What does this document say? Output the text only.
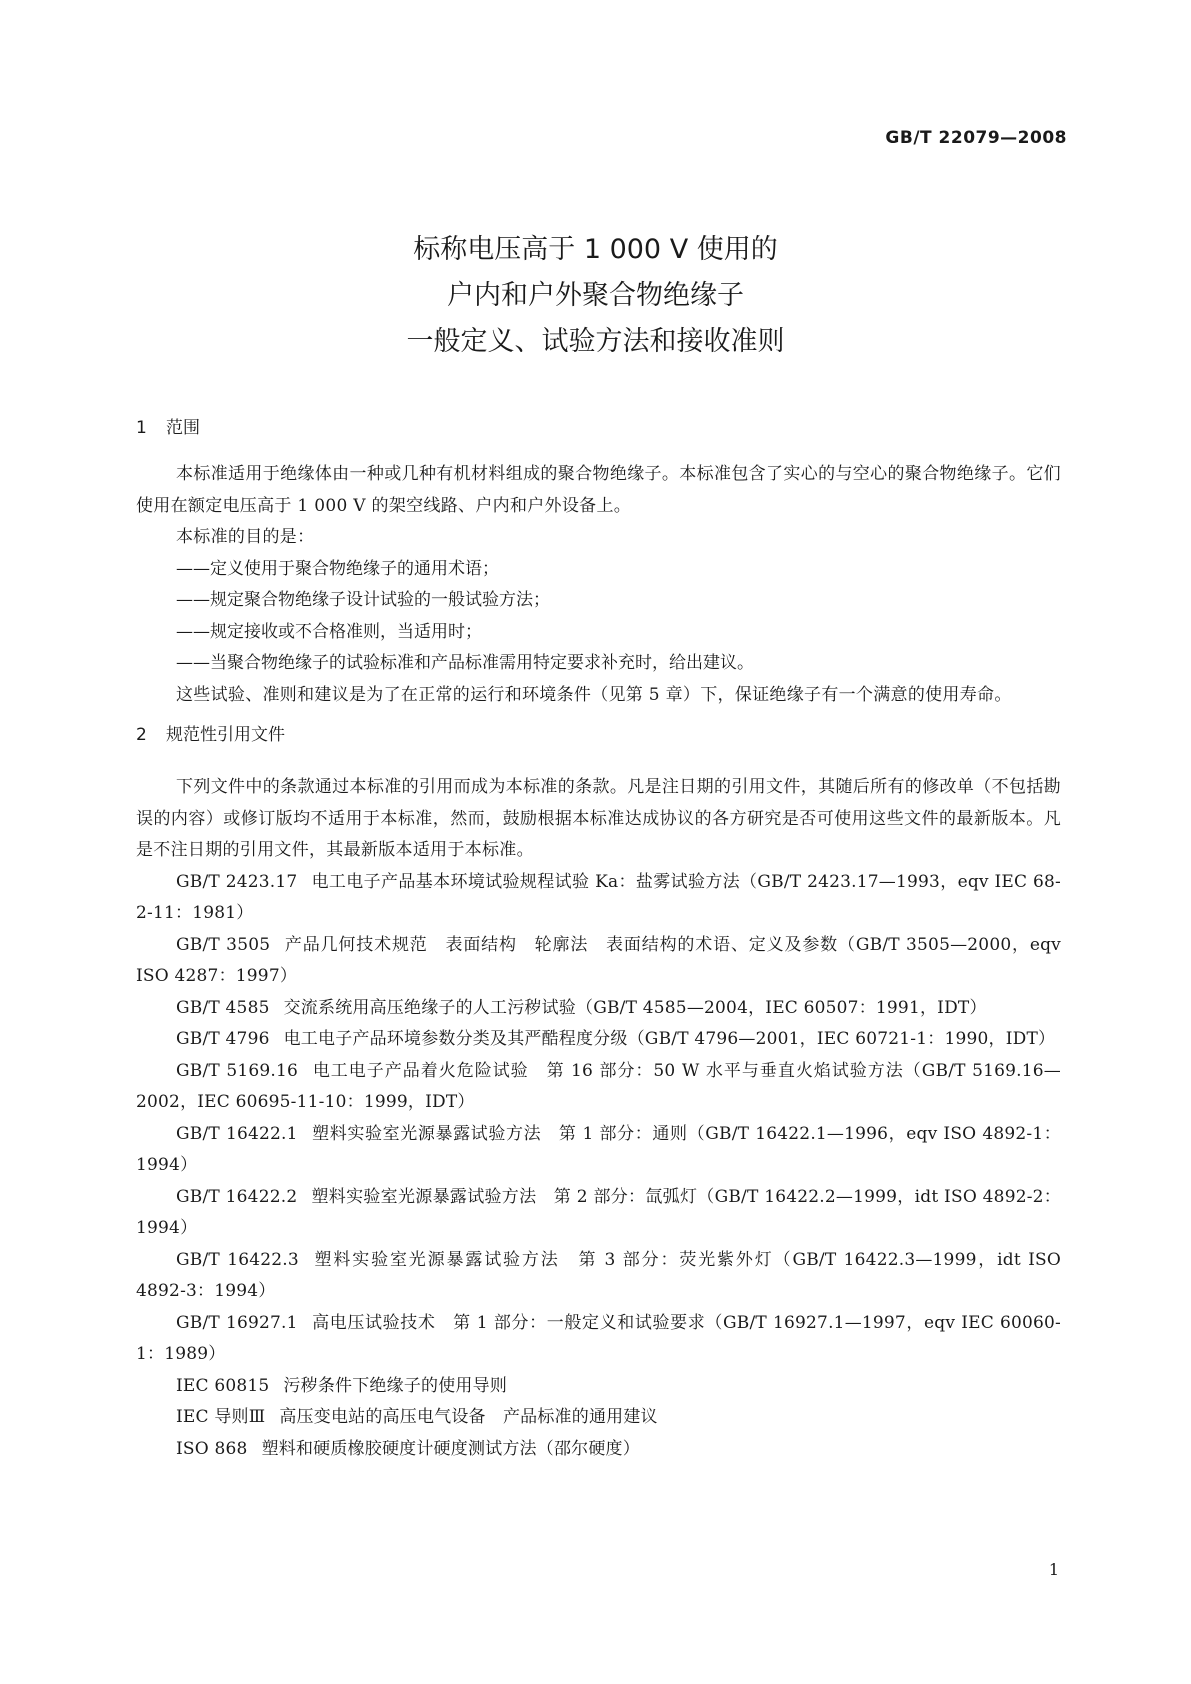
GB/T 22079—2008
标称电压高于 1 000 V 使用的
户内和户外聚合物绝缘子
一般定义、试验方法和接收准则
1 范围

本标准适用于绝缘体由一种或几种有机材料组成的聚合物绝缘子。本标准包含了实心的与空心的聚合物绝缘子。它们使用在额定电压高于 1 000 V 的架空线路、户内和户外设备上。

本标准的目的是：

——定义使用于聚合物绝缘子的通用术语；

——规定聚合物绝缘子设计试验的一般试验方法；

——规定接收或不合格准则，当适用时；

——当聚合物绝缘子的试验标准和产品标准需用特定要求补充时，给出建议。

这些试验、准则和建议是为了在正常的运行和环境条件（见第 5 章）下，保证绝缘子有一个满意的使用寿命。

2 规范性引用文件

下列文件中的条款通过本标准的引用而成为本标准的条款。凡是注日期的引用文件，其随后所有的修改单（不包括勘误的内容）或修订版均不适用于本标准，然而，鼓励根据本标准达成协议的各方研究是否可使用这些文件的最新版本。凡是不注日期的引用文件，其最新版本适用于本标准。

GB/T 2423.17 电工电子产品基本环境试验规程试验 Ka：盐雾试验方法（GB/T 2423.17—1993，eqv IEC 68-2-11：1981）

GB/T 3505 产品几何技术规范　表面结构　轮廓法　表面结构的术语、定义及参数（GB/T 3505—2000，eqv ISO 4287：1997）

GB/T 4585 交流系统用高压绝缘子的人工污秽试验（GB/T 4585—2004，IEC 60507：1991，IDT）

GB/T 4796 电工电子产品环境参数分类及其严酷程度分级（GB/T 4796—2001，IEC 60721-1：1990，IDT）

GB/T 5169.16 电工电子产品着火危险试验　第 16 部分：50 W 水平与垂直火焰试验方法（GB/T 5169.16—2002，IEC 60695-11-10：1999，IDT）

GB/T 16422.1 塑料实验室光源暴露试验方法　第 1 部分：通则（GB/T 16422.1—1996，eqv ISO 4892-1：1994）

GB/T 16422.2 塑料实验室光源暴露试验方法　第 2 部分：氙弧灯（GB/T 16422.2—1999，idt ISO 4892-2：1994）

GB/T 16422.3 塑料实验室光源暴露试验方法　第 3 部分：荧光紫外灯（GB/T 16422.3—1999，idt ISO 4892-3：1994）

GB/T 16927.1 高电压试验技术　第 1 部分：一般定义和试验要求（GB/T 16927.1—1997，eqv IEC 60060-1：1989）

IEC 60815 污秽条件下绝缘子的使用导则

IEC 导则Ⅲ 高压变电站的高压电气设备　产品标准的通用建议

ISO 868 塑料和硬质橡胶硬度计硬度测试方法（邵尔硬度）

1
